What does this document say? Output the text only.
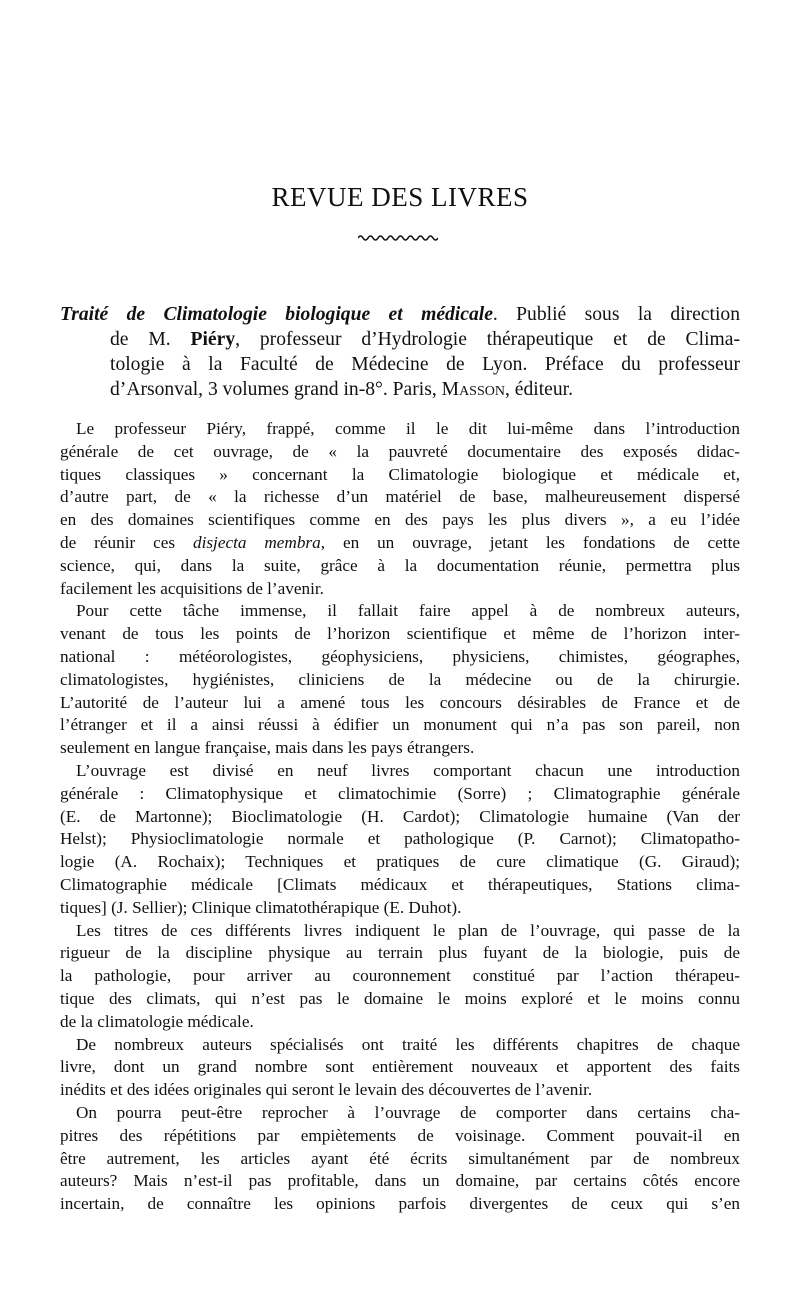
REVUE DES LIVRES
Traité de Climatologie biologique et médicale. Publié sous la direction
de M. Piéry, professeur d’Hydrologie thérapeutique et de Clima-
tologie à la Faculté de Médecine de Lyon. Préface du professeur
d’Arsonval, 3 volumes grand in-8°. Paris, Masson, éditeur.

Le professeur Piéry, frappé, comme il le dit lui-même dans l’introduction
générale de cet ouvrage, de « la pauvreté documentaire des exposés didac-
tiques classiques » concernant la Climatologie biologique et médicale et,
d’autre part, de « la richesse d’un matériel de base, malheureusement dispersé
en des domaines scientifiques comme en des pays les plus divers », a eu l’idée
de réunir ces disjecta membra, en un ouvrage, jetant les fondations de cette
science, qui, dans la suite, grâce à la documentation réunie, permettra plus
facilement les acquisitions de l’avenir.

Pour cette tâche immense, il fallait faire appel à de nombreux auteurs,
venant de tous les points de l’horizon scientifique et même de l’horizon inter-
national : météorologistes, géophysiciens, physiciens, chimistes, géographes,
climatologistes, hygiénistes, cliniciens de la médecine ou de la chirurgie.
L’autorité de l’auteur lui a amené tous les concours désirables de France et de
l’étranger et il a ainsi réussi à édifier un monument qui n’a pas son pareil, non
seulement en langue française, mais dans les pays étrangers.

L’ouvrage est divisé en neuf livres comportant chacun une introduction
générale : Climatophysique et climatochimie (Sorre) ; Climatographie générale
(E. de Martonne); Bioclimatologie (H. Cardot); Climatologie humaine (Van der
Helst); Physioclimatologie normale et pathologique (P. Carnot); Climatopatho-
logie (A. Rochaix); Techniques et pratiques de cure climatique (G. Giraud);
Climatographie médicale [Climats médicaux et thérapeutiques, Stations clima-
tiques] (J. Sellier); Clinique climatothérapique (E. Duhot).

Les titres de ces différents livres indiquent le plan de l’ouvrage, qui passe de la
rigueur de la discipline physique au terrain plus fuyant de la biologie, puis de
la pathologie, pour arriver au couronnement constitué par l’action thérapeu-
tique des climats, qui n’est pas le domaine le moins exploré et le moins connu
de la climatologie médicale.

De nombreux auteurs spécialisés ont traité les différents chapitres de chaque
livre, dont un grand nombre sont entièrement nouveaux et apportent des faits
inédits et des idées originales qui seront le levain des découvertes de l’avenir.

On pourra peut-être reprocher à l’ouvrage de comporter dans certains cha-
pitres des répétitions par empiètements de voisinage. Comment pouvait-il en
être autrement, les articles ayant été écrits simultanément par de nombreux
auteurs? Mais n’est-il pas profitable, dans un domaine, par certains côtés encore
incertain, de connaître les opinions parfois divergentes de ceux qui s’en
